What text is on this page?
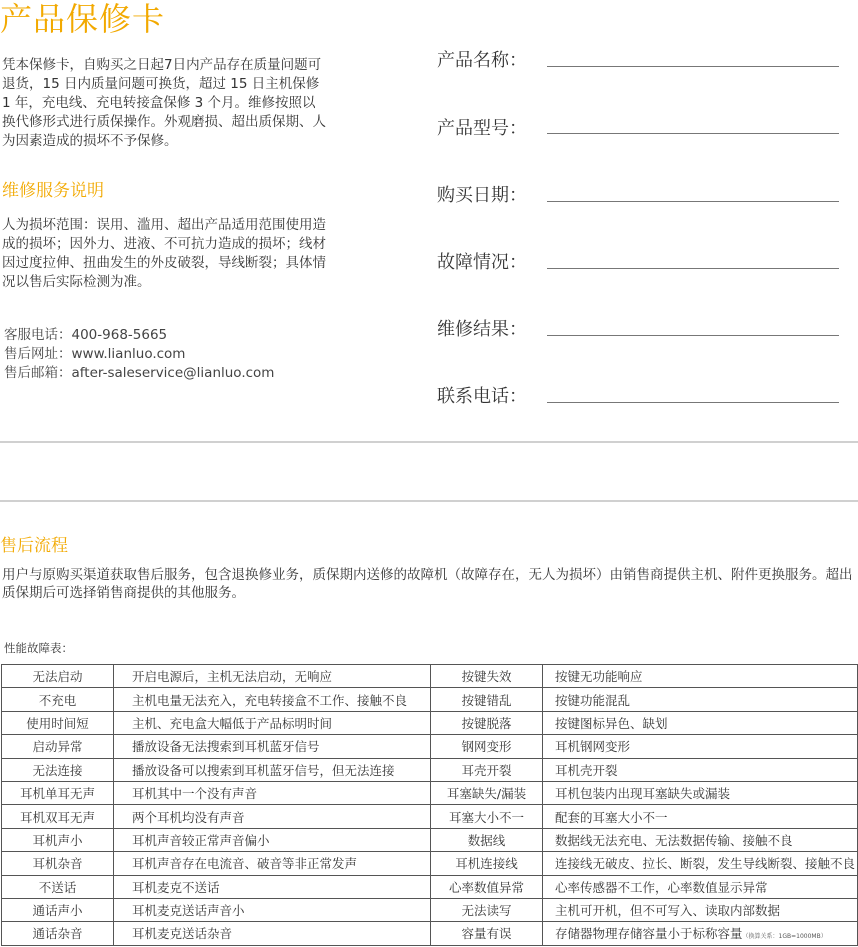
产品保修卡
凭本保修卡，自购买之日起7日内产品存在质量问题可退货，15 日内质量问题可换货，超过 15 日主机保修 1 年，充电线、充电转接盒保修 3 个月。维修按照以换代修形式进行质保操作。外观磨损、超出质保期、人为因素造成的损坏不予保修。
维修服务说明
人为损坏范围：误用、滥用、超出产品适用范围使用造成的损坏；因外力、进液、不可抗力造成的损坏；线材因过度拉伸、扭曲发生的外皮破裂，导线断裂；具体情况以售后实际检测为准。
客服电话：400-968-5665
售后网址：www.lianluo.com
售后邮箱：after-saleservice@lianluo.com
产品名称：
产品型号：
购买日期：
故障情况：
维修结果：
联系电话：
售后流程
用户与原购买渠道获取售后服务，包含退换修业务，质保期内送修的故障机（故障存在，无人为损坏）由销售商提供主机、附件更换服务。超出质保期后可选择销售商提供的其他服务。
性能故障表：
无法启动	开启电源后，主机无法启动，无响应	按键失效	按键无功能响应
不充电	主机电量无法充入，充电转接盒不工作、接触不良	按键错乱	按键功能混乱
使用时间短	主机、充电盒大幅低于产品标明时间	按键脱落	按键图标异色、缺划
启动异常	播放设备无法搜索到耳机蓝牙信号	钢网变形	耳机钢网变形
无法连接	播放设备可以搜索到耳机蓝牙信号，但无法连接	耳壳开裂	耳机壳开裂
耳机单耳无声	耳机其中一个没有声音	耳塞缺失/漏装	耳机包装内出现耳塞缺失或漏装
耳机双耳无声	两个耳机均没有声音	耳塞大小不一	配套的耳塞大小不一
耳机声小	耳机声音较正常声音偏小	数据线	数据线无法充电、无法数据传输、接触不良
耳机杂音	耳机声音存在电流音、破音等非正常发声	耳机连接线	连接线无破皮、拉长、断裂，发生导线断裂、接触不良
不送话	耳机麦克不送话	心率数值异常	心率传感器不工作，心率数值显示异常
通话声小	耳机麦克送话声音小	无法读写	主机可开机，但不可写入、读取内部数据
通话杂音	耳机麦克送话杂音	容量有误	存储器物理存储容量小于标称容量（换算关系：1GB=1000MB）
